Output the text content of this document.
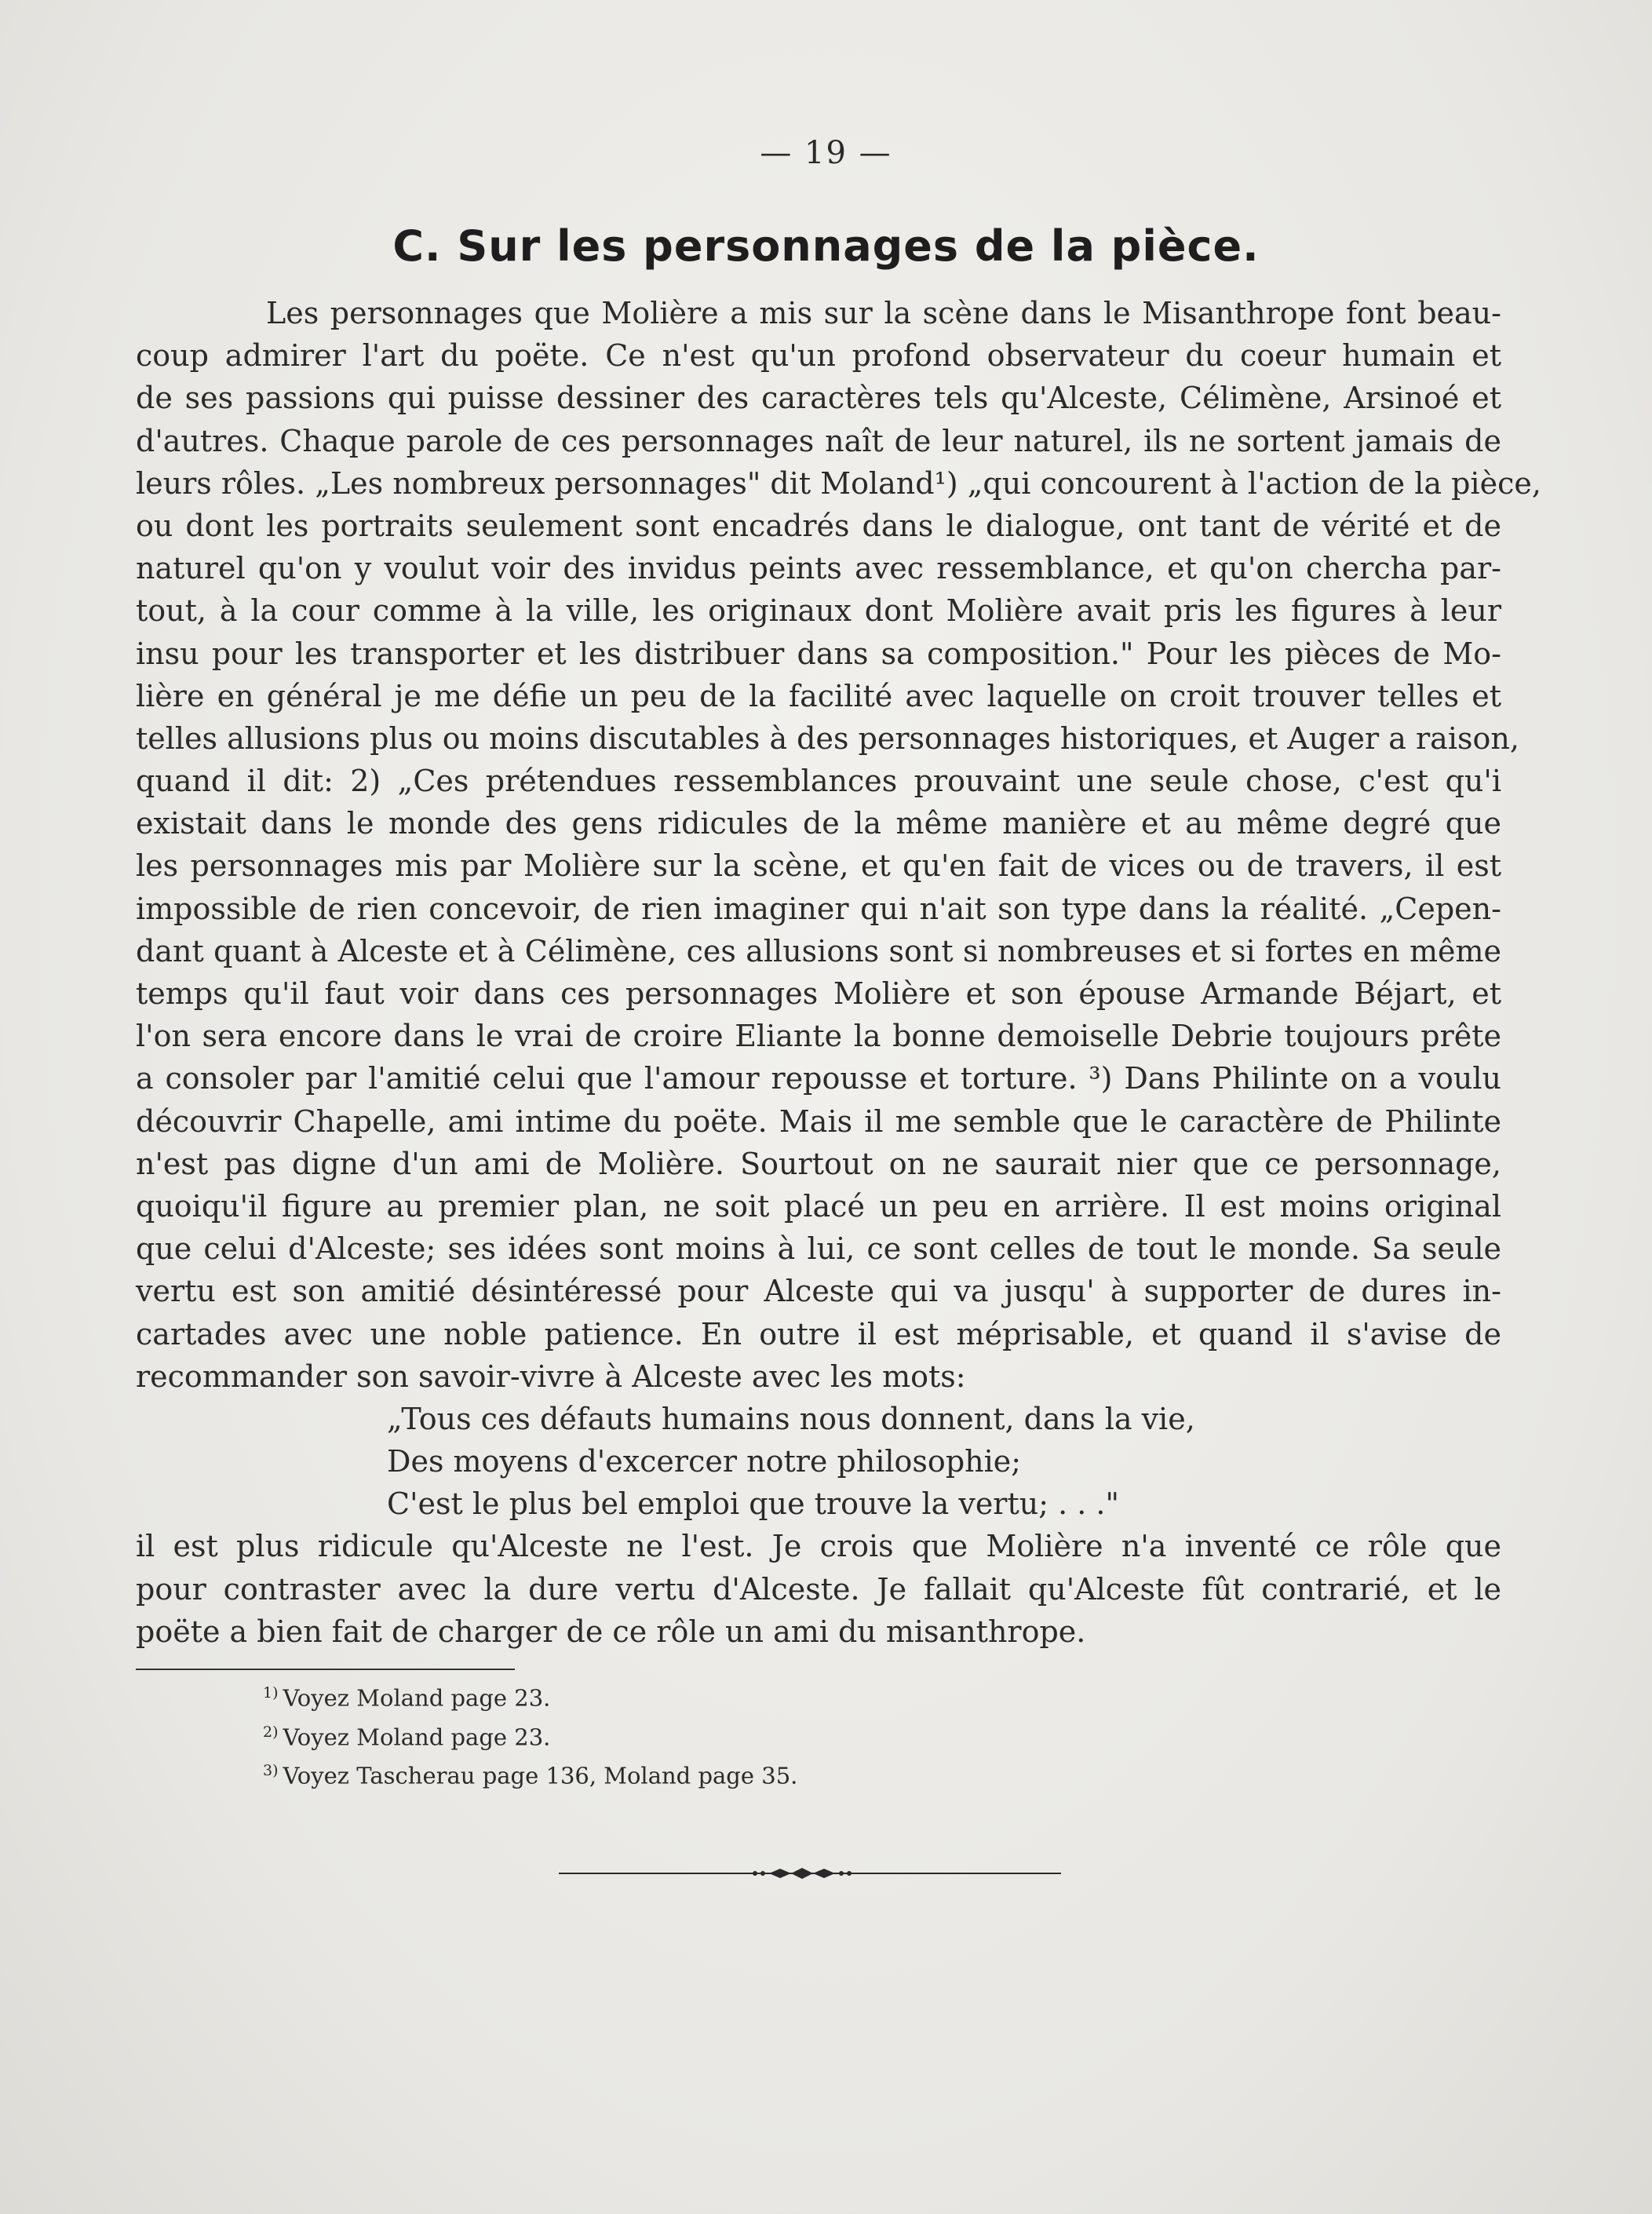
— 19 —
C. Sur les personnages de la pièce.
Les personnages que Molière a mis sur la scène dans le Misanthrope font beau-
coup admirer l'art du poëte. Ce n'est qu'un profond observateur du coeur humain et
de ses passions qui puisse dessiner des caractères tels qu'Alceste, Célimène, Arsinoé et
d'autres. Chaque parole de ces personnages naît de leur naturel, ils ne sortent jamais de
leurs rôles. „Les nombreux personnages" dit Moland¹) „qui concourent à l'action de la pièce,
ou dont les portraits seulement sont encadrés dans le dialogue, ont tant de vérité et de
naturel qu'on y voulut voir des invidus peints avec ressemblance, et qu'on chercha par-
tout, à la cour comme à la ville, les originaux dont Molière avait pris les figures à leur
insu pour les transporter et les distribuer dans sa composition." Pour les pièces de Mo-
lière en général je me défie un peu de la facilité avec laquelle on croit trouver telles et
telles allusions plus ou moins discutables à des personnages historiques, et Auger a raison,
quand il dit: 2) „Ces prétendues ressemblances prouvaint une seule chose, c'est qu'i
existait dans le monde des gens ridicules de la même manière et au même degré que
les personnages mis par Molière sur la scène, et qu'en fait de vices ou de travers, il est
impossible de rien concevoir, de rien imaginer qui n'ait son type dans la réalité. „Cepen-
dant quant à Alceste et à Célimène, ces allusions sont si nombreuses et si fortes en même
temps qu'il faut voir dans ces personnages Molière et son épouse Armande Béjart, et
l'on sera encore dans le vrai de croire Eliante la bonne demoiselle Debrie toujours prête
a consoler par l'amitié celui que l'amour repousse et torture. ³) Dans Philinte on a voulu
découvrir Chapelle, ami intime du poëte. Mais il me semble que le caractère de Philinte
n'est pas digne d'un ami de Molière. Sourtout on ne saurait nier que ce personnage,
quoiqu'il figure au premier plan, ne soit placé un peu en arrière. Il est moins original
que celui d'Alceste; ses idées sont moins à lui, ce sont celles de tout le monde. Sa seule
vertu est son amitié désintéressé pour Alceste qui va jusqu' à supporter de dures in-
cartades avec une noble patience. En outre il est méprisable, et quand il s'avise de
recommander son savoir-vivre à Alceste avec les mots:
„Tous ces défauts humains nous donnent, dans la vie,
Des moyens d'excercer notre philosophie;
C'est le plus bel emploi que trouve la vertu; . . ."
il est plus ridicule qu'Alceste ne l'est. Je crois que Molière n'a inventé ce rôle que
pour contraster avec la dure vertu d'Alceste. Je fallait qu'Alceste fût contrarié, et le
poëte a bien fait de charger de ce rôle un ami du misanthrope.
$^{1)}$ Voyez Moland page 23.
$^{2)}$ Voyez Moland page 23.
$^{3)}$ Voyez Tascherau page 136, Moland page 35.
